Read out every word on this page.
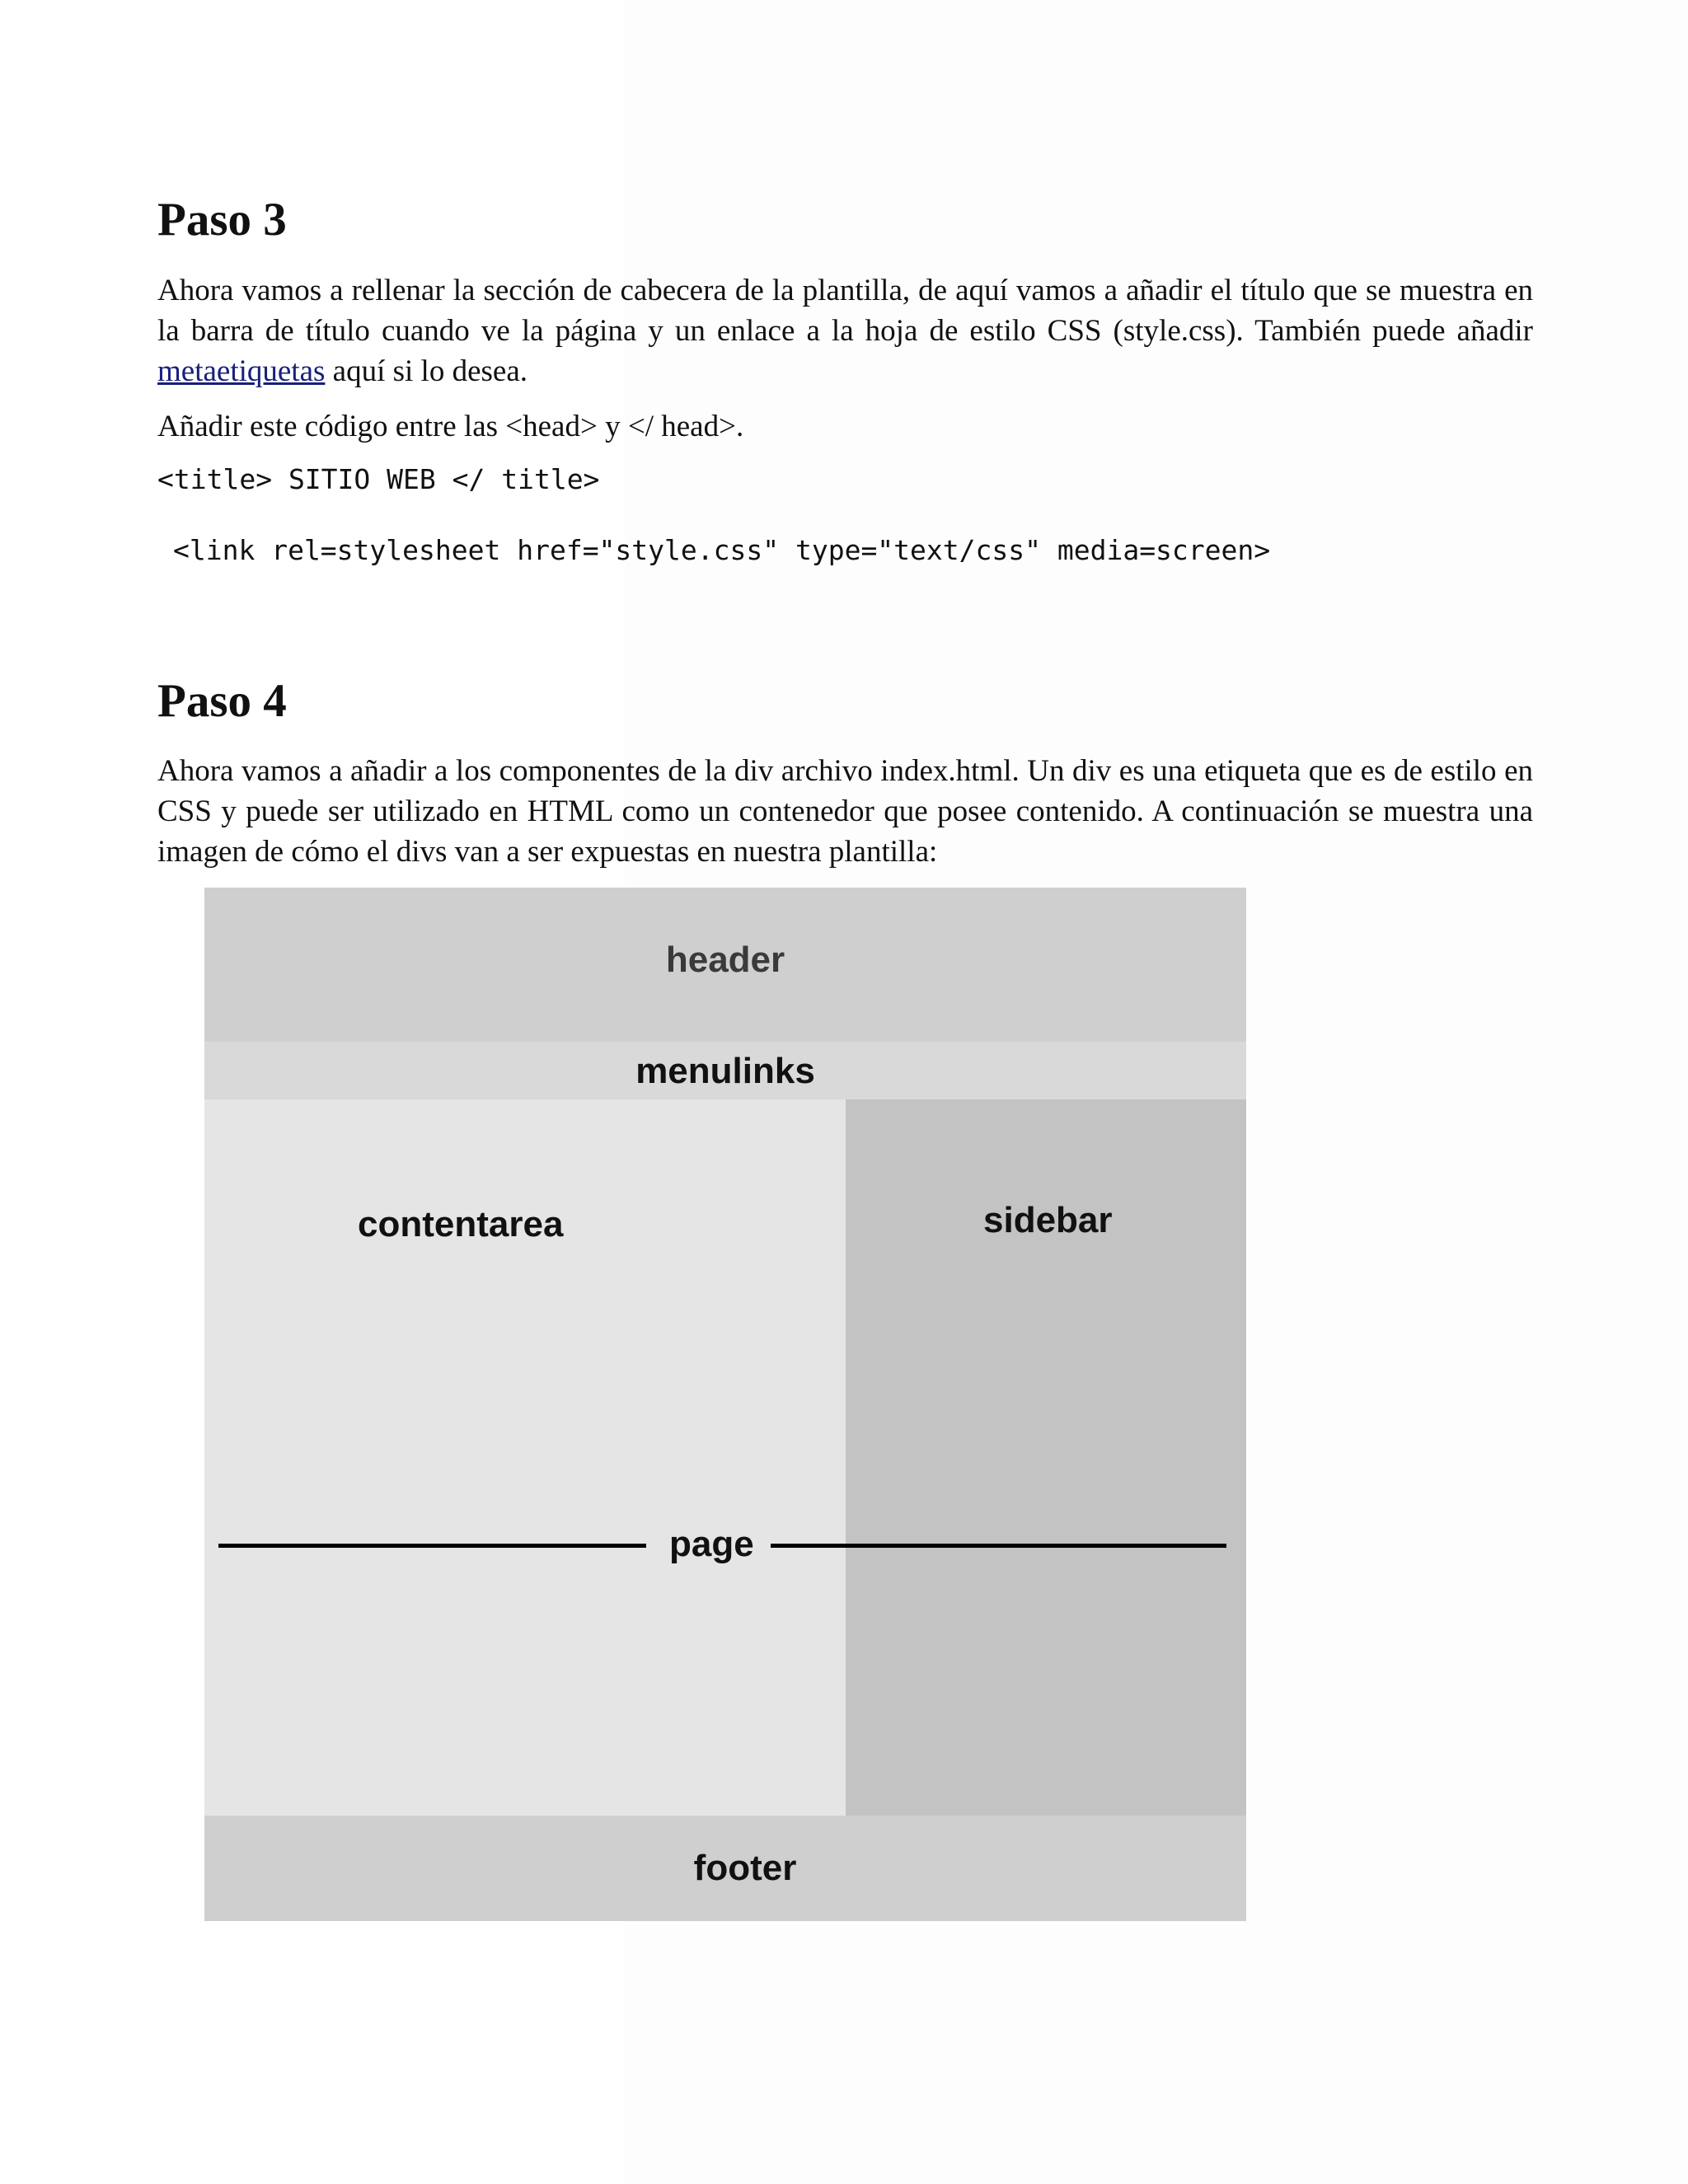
Paso 3

Ahora vamos a rellenar la sección de cabecera de la plantilla, de aquí vamos a añadir el título que se muestra en la barra de título cuando ve la página y un enlace a la hoja de estilo CSS (style.css). También puede añadir metaetiquetas aquí si lo desea.

Añadir este código entre las <head> y </ head>.

<title> SITIO WEB </ title>
<link rel=stylesheet href="style.css" type="text/css" media=screen>
Paso 4

Ahora vamos a añadir a los componentes de la div archivo index.html. Un div es una etiqueta que es de estilo en CSS y puede ser utilizado en HTML como un contenedor que posee contenido. A continuación se muestra una imagen de cómo el divs van a ser expuestas en nuestra plantilla:

header
menulinks
contentarea	sidebar
footer
page
